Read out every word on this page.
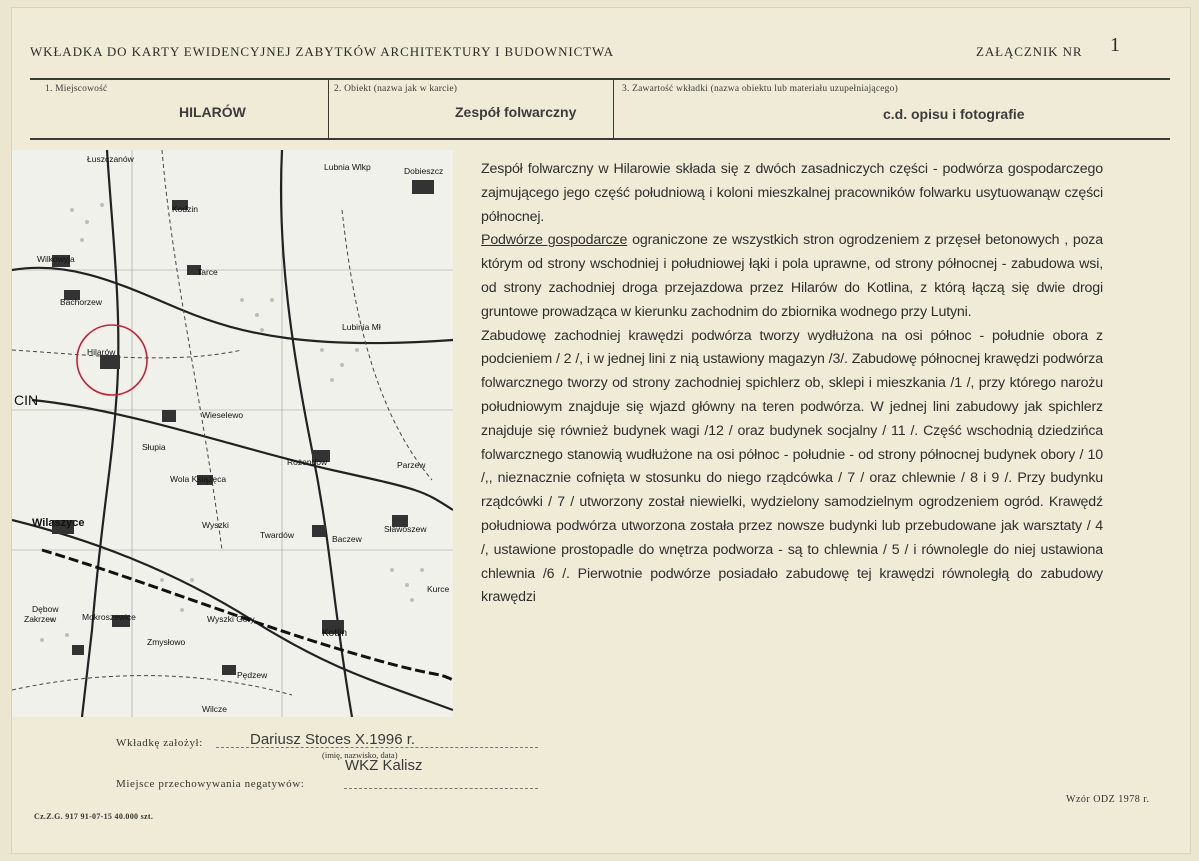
WKŁADKA DO KARTY EWIDENCYJNEJ ZABYTKÓW ARCHITEKTURY I BUDOWNICTWA	ZAŁĄCZNIK NR 1
1. Miejscowość
HILARÓW
2. Obiekt (nazwa jak w karcie)
Zespół folwarczny
3. Zawartość wkładki (nazwa obiektu lub materiału uzupełniającego)
c.d. opisu i fotografie
Łuszczanów
Lubnia Wlkp	Dobieszcz
Kodzin
Wilkowyja
Tarce
Bachorzew
Lubinia Mł
Hilarów
CIN
Wieselewo
Słupia
Rożendow	Parzew
Wola Książęca
Wyszki
Twardów	Baczew
Sławoszew
Wilaszyce
Kurce
Dębow
Zakrzew	Mokroszewice	Wyszki Góry
Kotlin
Zmysłowo
Pędzew
Wilcze

Zespół folwarczny w Hilarowie składa się z dwóch zasadniczych części - podwórza gospodarczego zajmującego jego część południową i koloni mieszkalnej pracowników folwarku usytuowanąw części północnej.

Podwórze gospodarcze ograniczone ze wszystkich stron ogrodzeniem z przęseł betonowych , poza którym od strony wschodniej i południowej łąki i pola uprawne, od strony północnej - zabudowa wsi, od strony zachodniej droga przejazdowa przez Hilarów do Kotlina, z którą łączą się dwie drogi gruntowe prowadząca w kierunku zachodnim do zbiornika wodnego przy Lutyni.

Zabudowę zachodniej krawędzi podwórza tworzy wydłużona na osi północ - południe obora z podcieniem / 2 /, i w jednej lini z nią ustawiony magazyn /3/. Zabudowę północnej krawędzi podwórza folwarcznego tworzy od strony zachodniej spichlerz ob, sklepi i mieszkania /1 /, przy którego narożu południowym znajduje się wjazd główny na teren podwórza. W jednej lini zabudowy jak spichlerz znajduje się również budynek wagi /12 / oraz budynek socjalny / 11 /. Część wschodnią dziedzińca folwarcznego stanowią wudłużone na osi północ - południe - od strony północnej budynek obory / 10 /,, nieznacznie cofnięta w stosunku do niego rządcówka / 7 / oraz chlewnie / 8 i 9 /. Przy budynku rządcówki / 7 / utworzony został niewielki, wydzielony samodzielnym ogrodzeniem ogród. Krawędź południowa podwórza utworzona została przez nowsze budynki lub przebudowane jak warsztaty / 4 /, ustawione prostopadle do wnętrza podworza - są to chlewnia / 5 / i równolegle do niej ustawiona chlewnia /6 /. Pierwotnie podwórze posiadało zabudowę tej krawędzi równoległą do zabudowy krawędzi

Wkładkę założył:	Dariusz Stoces X.1996 r.
(imię, nazwisko, data)
Miejsce przechowywania negatywów:
WKZ Kalisz
Cz.Z.G. 917 91-07-15 40.000 szt.
Wzór ODZ 1978 r.
